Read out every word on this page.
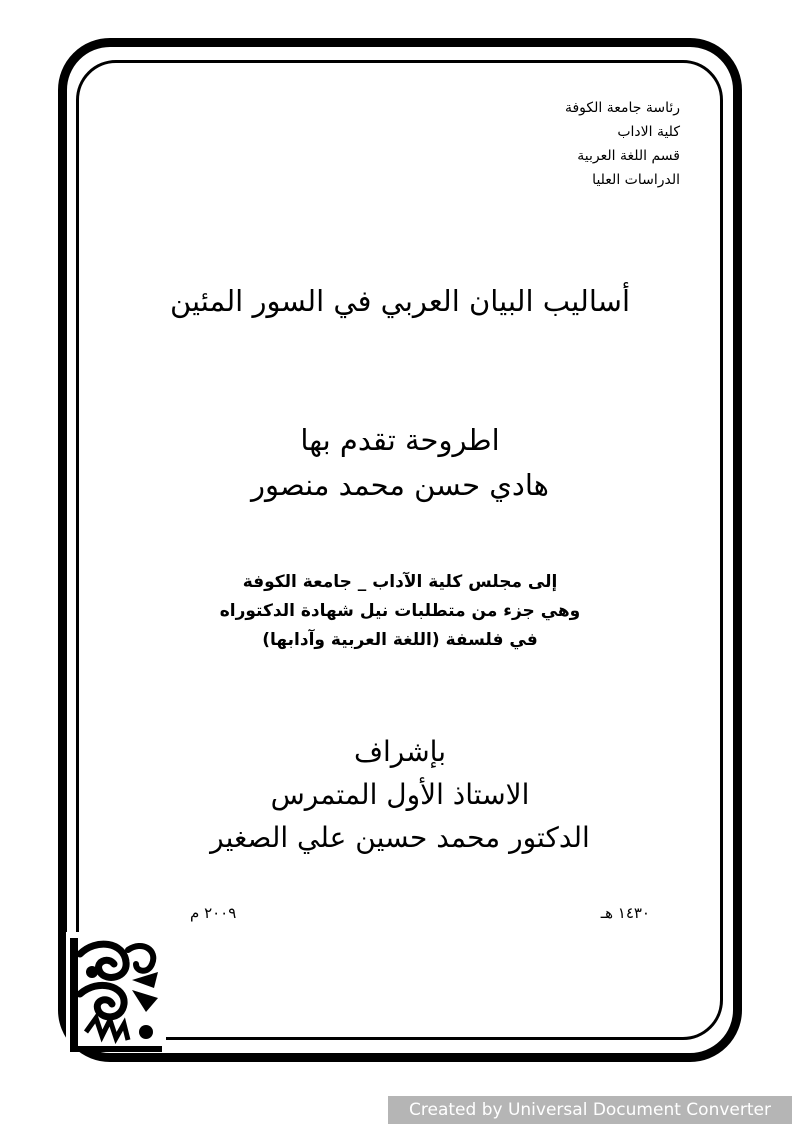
رئاسة جامعة الكوفة
كلية الاداب
قسم اللغة العربية
الدراسات العليا
أساليب البيان العربي في السور المئين
اطروحة تقدم بها
هادي حسن محمد منصور
إلى مجلس كلية الآداب _ جامعة الكوفة
وهي جزء من متطلبات نيل شهادة الدكتوراه
في فلسفة (اللغة العربية وآدابها)
بإشراف
الاستاذ الأول المتمرس
الدكتور محمد حسين علي الصغير
١٤٣٠ هـ
٢٠٠٩ م
Created by Universal Document Converter
